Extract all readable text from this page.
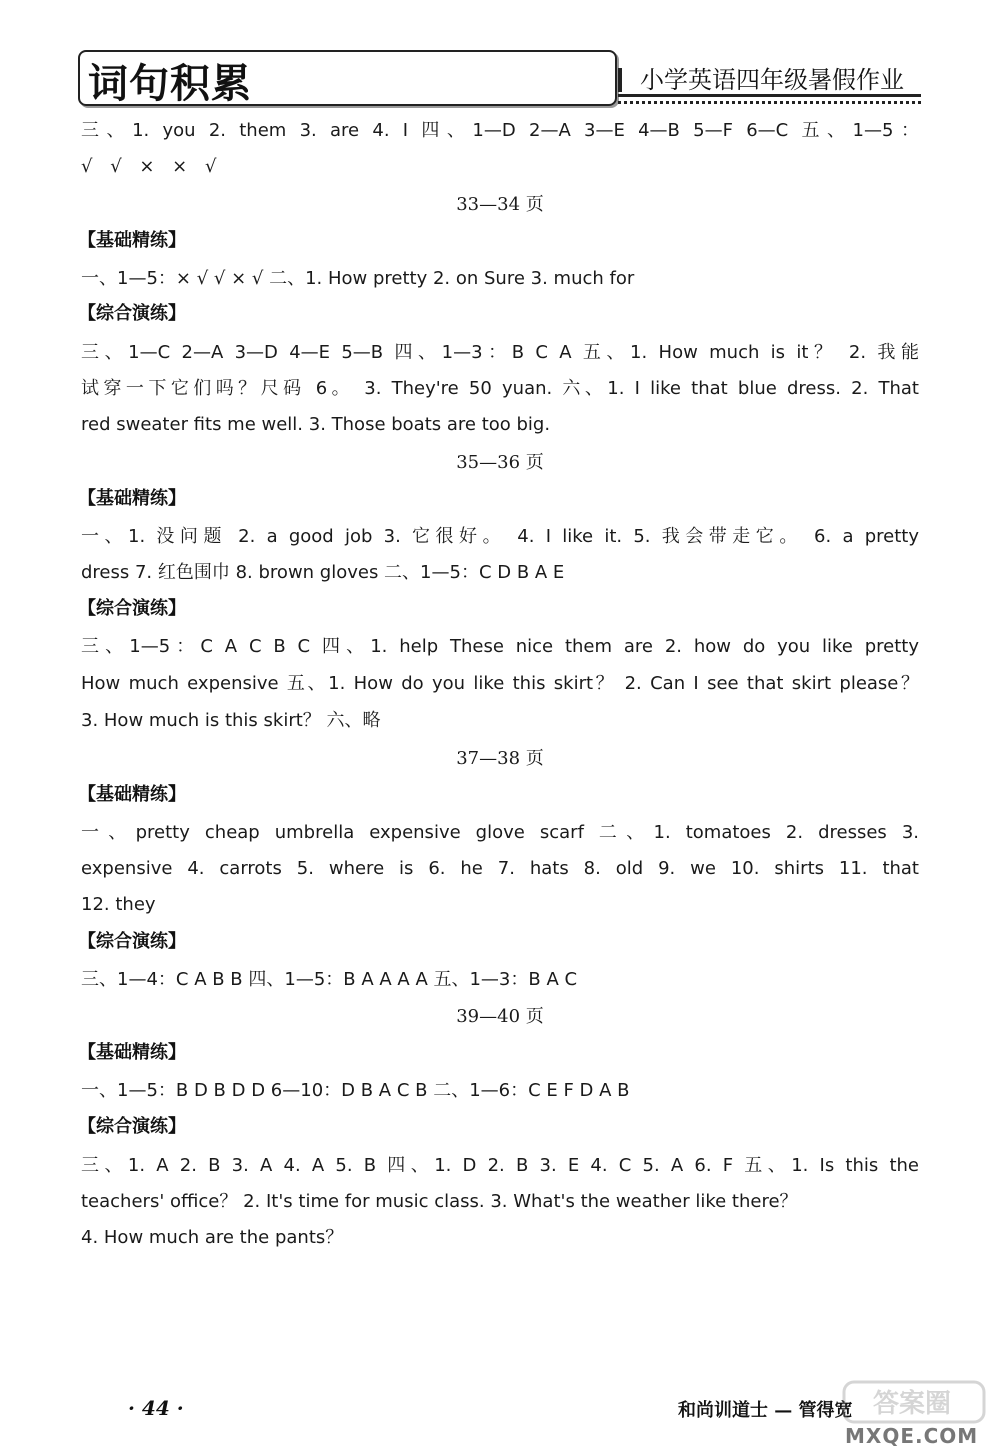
词句积累	小学英语四年级暑假作业
三、1. you 2. them 3. are 4. I 四、1—D 2—A 3—E 4—B 5—F 6—C 五、1—5：
√ √ × × √
33—34 页
【基础精练】
一、1—5：× √ √ × √ 二、1. How pretty 2. on Sure 3. much for
【综合演练】
三、1—C 2—A 3—D 4—E 5—B 四、1—3：B C A 五、1. How much is it？ 2. 我能
试穿一下它们吗？尺码 6。 3. They're 50 yuan. 六、1. I like that blue dress. 2. That
red sweater fits me well. 3. Those boats are too big.
35—36 页
【基础精练】
一、1. 没问题 2. a good job 3. 它很好。 4. I like it. 5. 我会带走它。 6. a pretty
dress 7. 红色围巾 8. brown gloves 二、1—5：C D B A E
【综合演练】
三、1—5：C A C B C 四、1. help These nice them are 2. how do you like pretty
How much expensive 五、1. How do you like this skirt？ 2. Can I see that skirt please？
3. How much is this skirt？ 六、略
37—38 页
【基础精练】
一、pretty cheap umbrella expensive glove scarf 二、1. tomatoes 2. dresses 3.
expensive 4. carrots 5. where is 6. he 7. hats 8. old 9. we 10. shirts 11. that
12. they
【综合演练】
三、1—4：C A B B 四、1—5：B A A A A 五、1—3：B A C
39—40 页
【基础精练】
一、1—5：B D B D D 6—10：D B A C B 二、1—6：C E F D A B
【综合演练】
三、1. A 2. B 3. A 4. A 5. B 四、1. D 2. B 3. E 4. C 5. A 6. F 五、1. Is this the
teachers' office？ 2. It's time for music class. 3. What's the weather like there？
4. How much are the pants？
· 44 ·	和尚训道士 — 管得宽 答案圈
MXQE.COM
